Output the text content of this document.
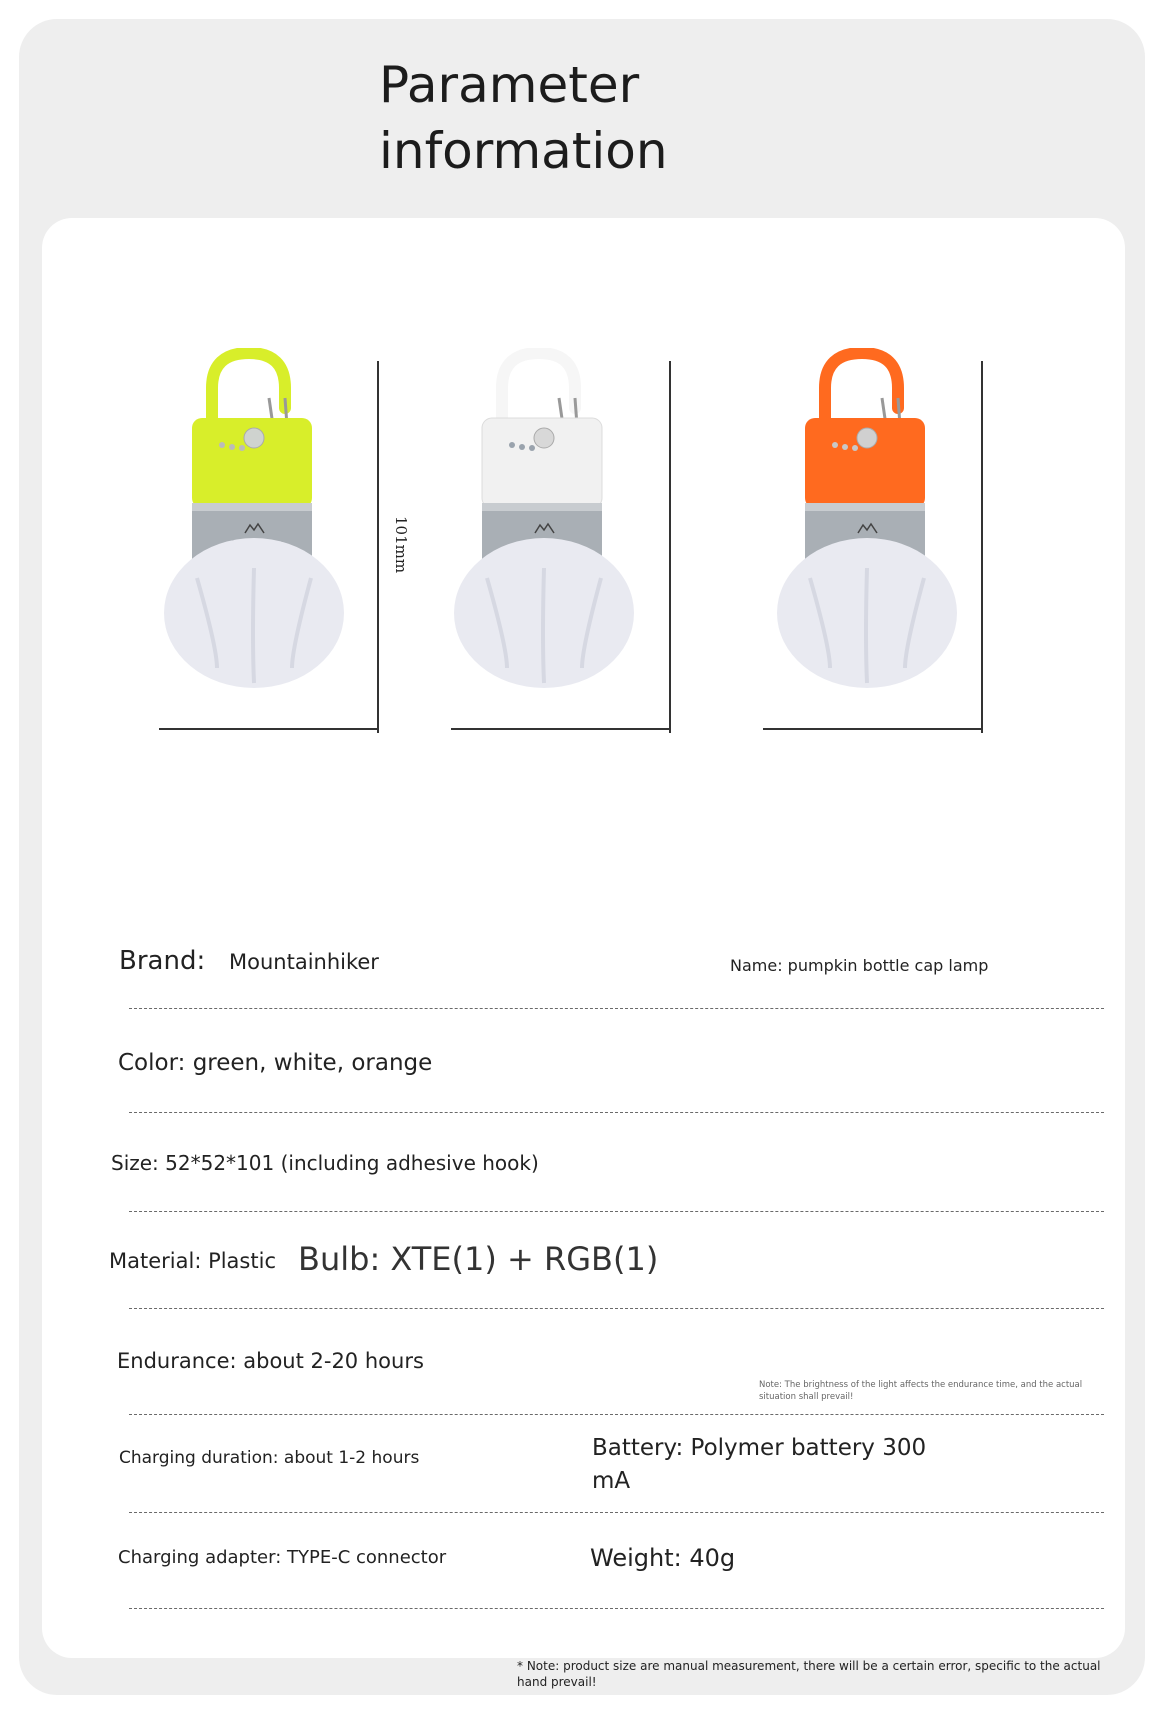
Parameter
information
101mm
Brand: Mountainhiker	Name: pumpkin bottle cap lamp
Color: green, white, orange
Size: 52*52*101 (including adhesive hook)
Material: Plastic Bulb: XTE(1) + RGB(1)
Endurance: about 2-20 hours
Note: The brightness of the light affects the endurance time, and the actual situation shall prevail!
Charging duration: about 1-2 hours	Battery: Polymer battery 300
mA
Charging adapter: TYPE-C connector	Weight: 40g
* Note: product size are manual measurement, there will be a certain error, specific to the actual hand prevail!
